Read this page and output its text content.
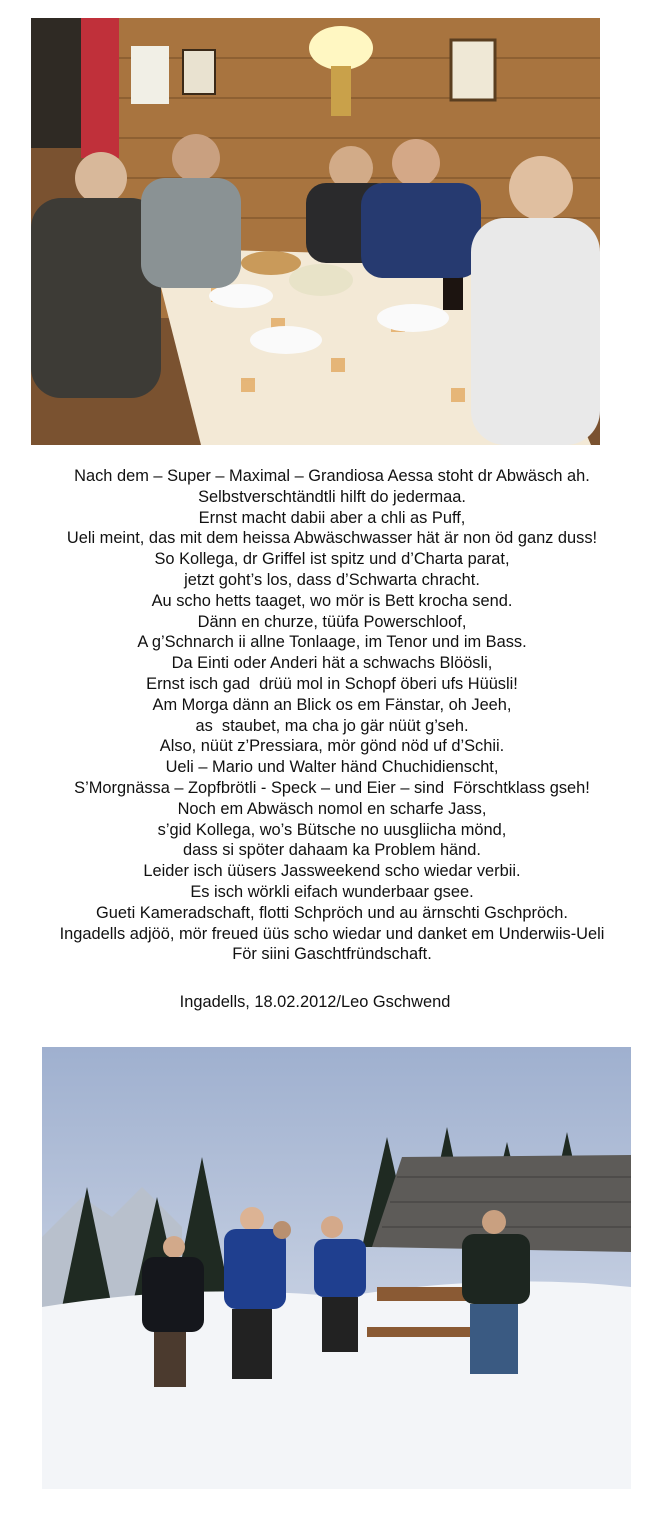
Nach dem – Super – Maximal – Grandiosa Aessa stoht dr Abwäsch ah.
Selbstverschtändtli hilft do jedermaa.
Ernst macht dabii aber a chli as Puff,
Ueli meint, das mit dem heissa Abwäschwasser hät är non öd ganz duss!
So Kollega, dr Griffel ist spitz und d’Charta parat,
jetzt goht’s los, dass d’Schwarta chracht.
Au scho hetts taaget, wo mör is Bett krocha send.
Dänn en churze, tüüfa Powerschloof,
A g’Schnarch ii allne Tonlaage, im Tenor und im Bass.
Da Einti oder Anderi hät a schwachs Blöösli,
Ernst isch gad  drüü mol in Schopf öberi ufs Hüüsli!
Am Morga dänn an Blick os em Fänstar, oh Jeeh,
as  staubet, ma cha jo gär nüüt g’seh.
Also, nüüt z’Pressiara, mör gönd nöd uf d’Schii.
Ueli – Mario und Walter händ Chuchidienscht,
S’Morgnässa – Zopfbrötli - Speck – und Eier – sind  Förschtklass gseh!
Noch em Abwäsch nomol en scharfe Jass,
s’gid Kollega, wo’s Bütsche no uusgliicha mönd,
dass si spöter dahaam ka Problem händ.
Leider isch üüsers Jassweekend scho wiedar verbii.
Es isch wörkli eifach wunderbaar gsee.
Gueti Kameradschaft, flotti Schpröch und au ärnschti Gschpröch.
Ingadells adjöö, mör freued üüs scho wiedar und danket em Underwiis-Ueli
För siini Gaschtfründschaft.
Ingadells, 18.02.2012/Leo Gschwend
